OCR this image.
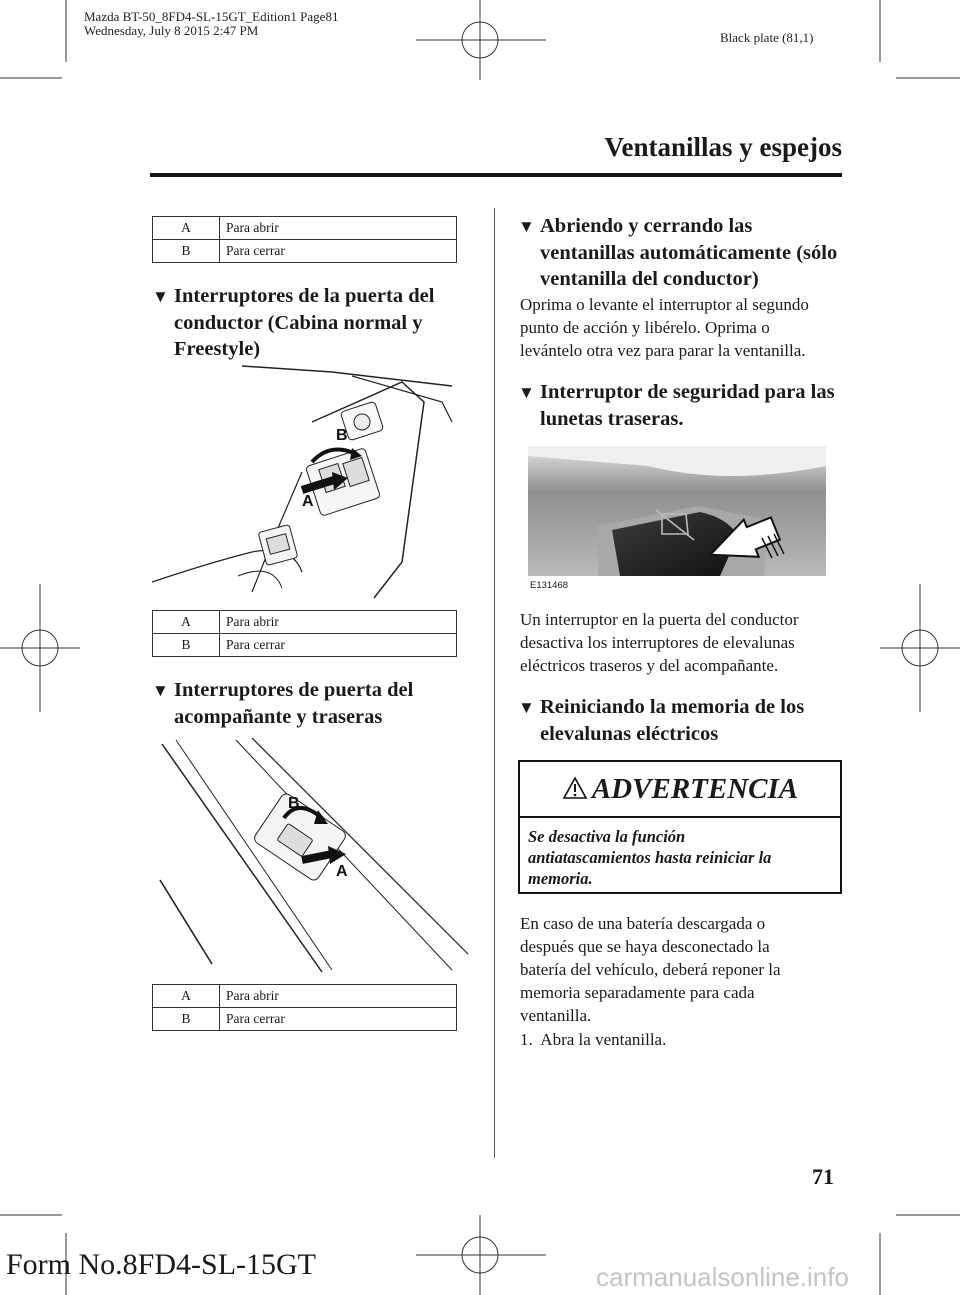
Mazda BT-50_8FD4-SL-15GT_Edition1 Page81
Wednesday, July 8 2015 2:47 PM	Black plate (81,1)
Ventanillas y espejos
A	Para abrir
B	Para cerrar
▼ Interruptores de la puerta del
conductor (Cabina normal y
Freestyle)
B
A
A	Para abrir
B	Para cerrar
▼ Interruptores de puerta del
acompañante y traseras
B
A
A	Para abrir
B	Para cerrar
▼ Abriendo y cerrando las
ventanillas automáticamente (sólo
ventanilla del conductor)
Oprima o levante el interruptor al segundo
punto de acción y libérelo. Oprima o
levántelo otra vez para parar la ventanilla.
▼ Interruptor de seguridad para las
lunetas traseras.
E131468
Un interruptor en la puerta del conductor
desactiva los interruptores de elevalunas
eléctricos traseros y del acompañante.
▼ Reiniciando la memoria de los
elevalunas eléctricos
ADVERTENCIA
Se desactiva la función
antiatascamientos hasta reiniciar la
memoria.
En caso de una batería descargada o
después que se haya desconectado la
batería del vehículo, deberá reponer la
memoria separadamente para cada
ventanilla.
1.  Abra la ventanilla.
71
Form No.8FD4-SL-15GT	carmanualsonline.info
